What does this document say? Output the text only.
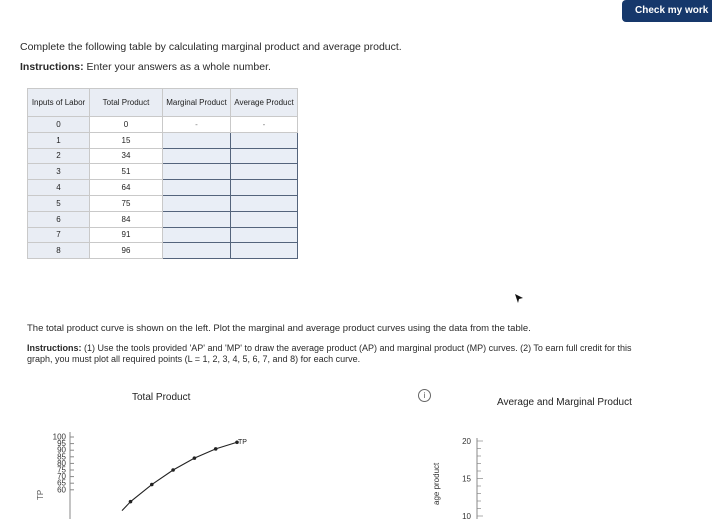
Check my work
Complete the following table by calculating marginal product and average product.
Instructions: Enter your answers as a whole number.
Inputs of Labor	Total Product	Marginal Product	Average Product
0	0	-	-
1	15		
2	34		
3	51		
4	64		
5	75		
6	84		
7	91		
8	96		
The total product curve is shown on the left. Plot the marginal and average product curves using the data from the table.
Instructions: (1) Use the tools provided 'AP' and 'MP' to draw the average product (AP) and marginal product (MP) curves. (2) To earn full credit for this graph, you must plot all required points (L = 1, 2, 3, 4, 5, 6, 7, and 8) for each curve.
Total Product	i
Average and Marginal Product
TP
100
95
90
85
80
75
70
65
60
TP
age product
20
15
10
